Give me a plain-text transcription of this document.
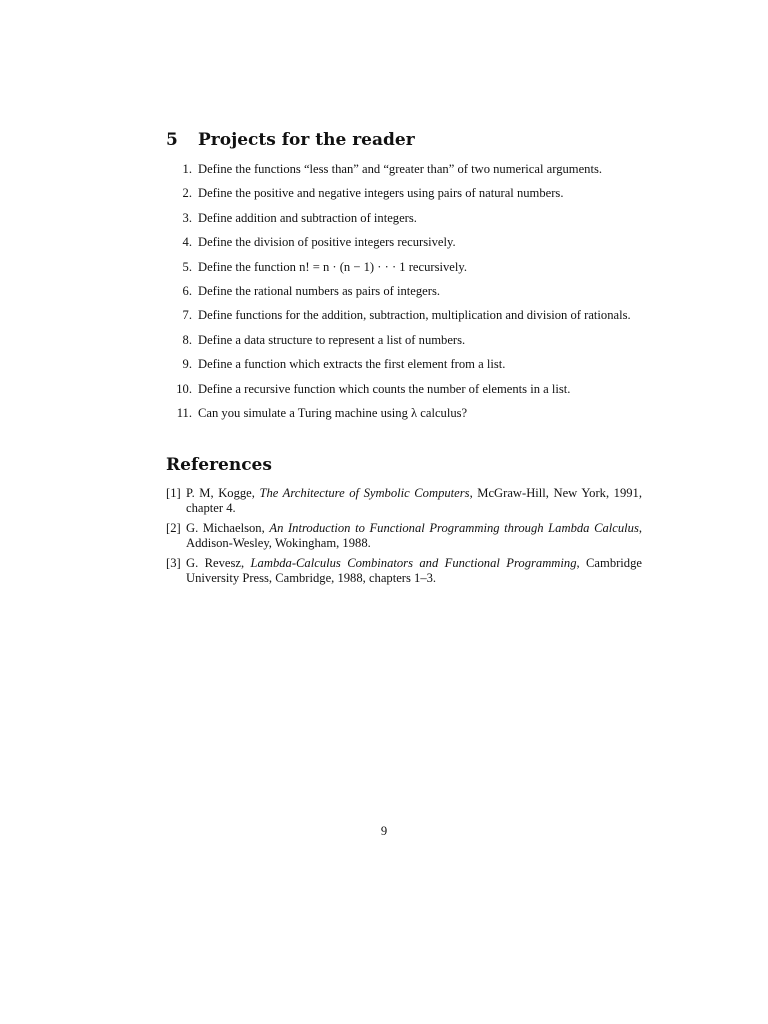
5 Projects for the reader
1. Define the functions “less than” and “greater than” of two numerical arguments.
2. Define the positive and negative integers using pairs of natural numbers.
3. Define addition and subtraction of integers.
4. Define the division of positive integers recursively.
5. Define the function n! = n · (n − 1) · · · 1 recursively.
6. Define the rational numbers as pairs of integers.
7. Define functions for the addition, subtraction, multiplication and division of rationals.
8. Define a data structure to represent a list of numbers.
9. Define a function which extracts the first element from a list.
10. Define a recursive function which counts the number of elements in a list.
11. Can you simulate a Turing machine using λ calculus?
References
[1] P. M, Kogge, The Architecture of Symbolic Computers, McGraw-Hill, New York, 1991, chapter 4.
[2] G. Michaelson, An Introduction to Functional Programming through Lambda Calculus, Addison-Wesley, Wokingham, 1988.
[3] G. Revesz, Lambda-Calculus Combinators and Functional Programming, Cambridge University Press, Cambridge, 1988, chapters 1–3.
9
